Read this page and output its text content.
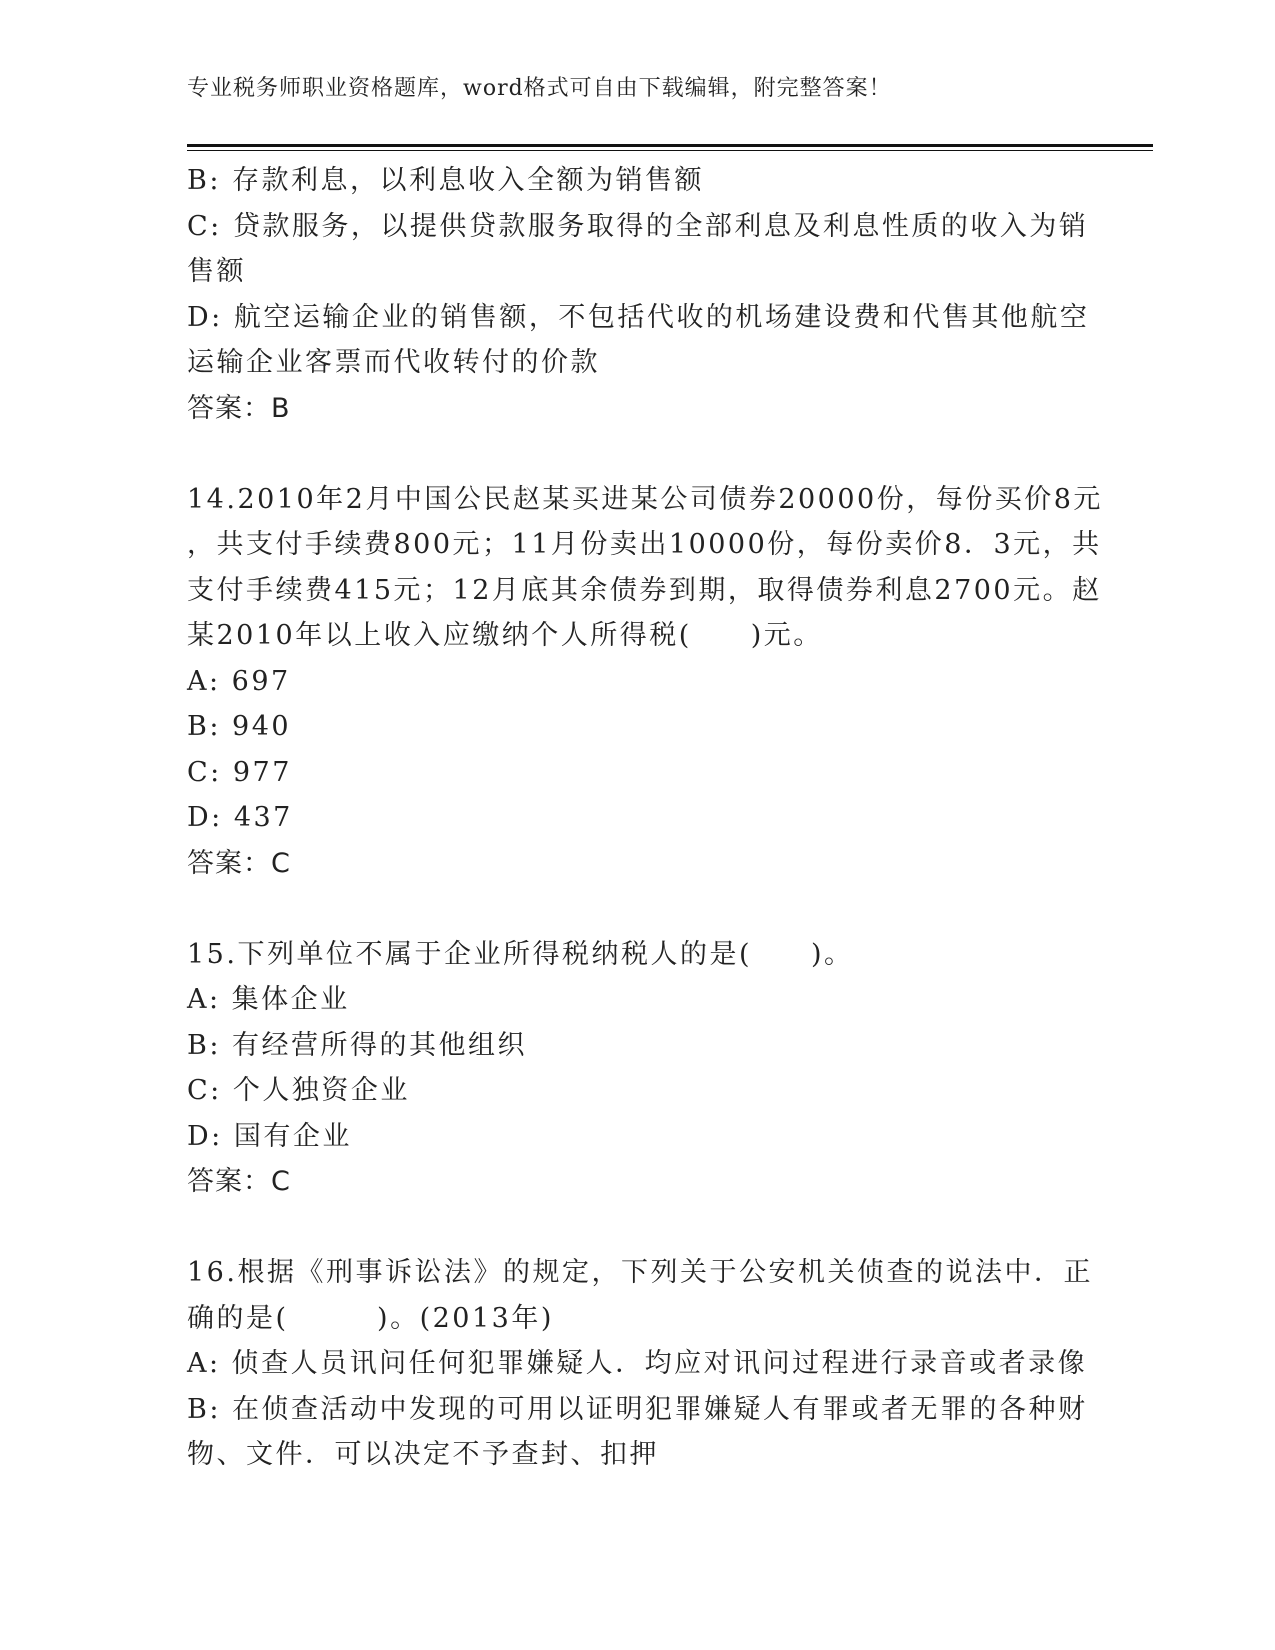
专业税务师职业资格题库，word格式可自由下载编辑，附完整答案！
B: 存款利息，以利息收入全额为销售额
C: 贷款服务，以提供贷款服务取得的全部利息及利息性质的收入为销
售额
D: 航空运输企业的销售额，不包括代收的机场建设费和代售其他航空
运输企业客票而代收转付的价款
答案：B
14.2010年2月中国公民赵某买进某公司债券20000份，每份买价8元
，共支付手续费800元；11月份卖出10000份，每份卖价8．3元，共
支付手续费415元；12月底其余债券到期，取得债券利息2700元。赵
某2010年以上收入应缴纳个人所得税(　　)元。
A: 697
B: 940
C: 977
D: 437
答案：C
15.下列单位不属于企业所得税纳税人的是(　　)。
A: 集体企业
B: 有经营所得的其他组织
C: 个人独资企业
D: 国有企业
答案：C
16.根据《刑事诉讼法》的规定，下列关于公安机关侦查的说法中．正
确的是(　　　)。(2013年)
A: 侦查人员讯问任何犯罪嫌疑人．均应对讯问过程进行录音或者录像
B: 在侦查活动中发现的可用以证明犯罪嫌疑人有罪或者无罪的各种财
物、文件．可以决定不予查封、扣押
